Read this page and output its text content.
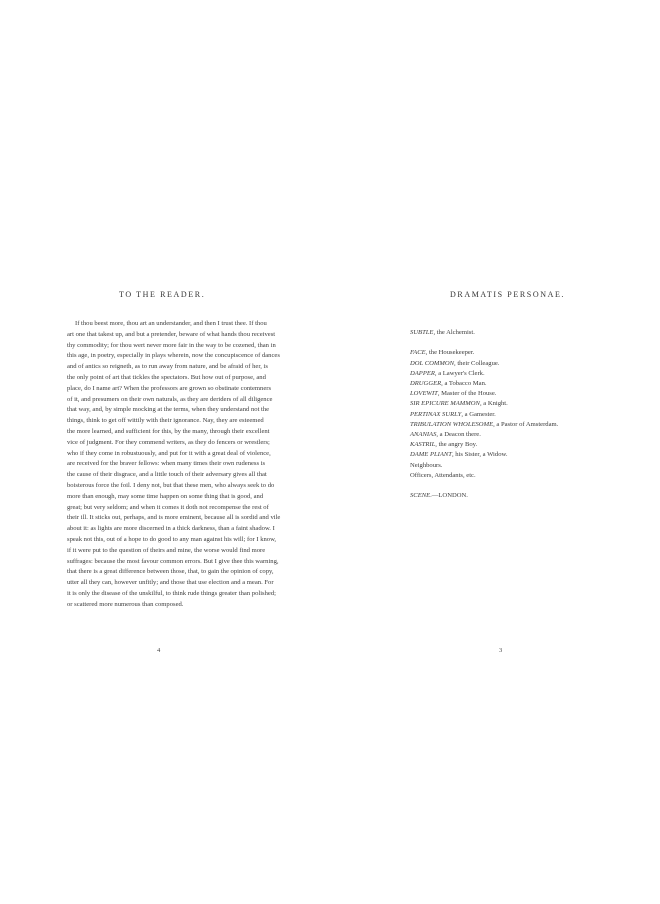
TO THE READER.
If thou beest more, thou art an understander, and then I trust thee. If thou
art one that takest up, and but a pretender, beware of what hands thou receivest
thy commodity; for thou wert never more fair in the way to be cozened, than in
this age, in poetry, especially in plays wherein, now the concupiscence of dances
and of antics so reigneth, as to run away from nature, and be afraid of her, is
the only point of art that tickles the spectators. But how out of purpose, and
place, do I name art? When the professors are grown so obstinate contemners
of it, and presumers on their own naturals, as they are deriders of all diligence
that way, and, by simple mocking at the terms, when they understand not the
things, think to get off wittily with their ignorance. Nay, they are esteemed
the more learned, and sufficient for this, by the many, through their excellent
vice of judgment. For they commend writers, as they do fencers or wrestlers;
who if they come in robustuously, and put for it with a great deal of violence,
are received for the braver fellows: when many times their own rudeness is
the cause of their disgrace, and a little touch of their adversary gives all that
boisterous force the foil. I deny not, but that these men, who always seek to do
more than enough, may some time happen on some thing that is good, and
great; but very seldom; and when it comes it doth not recompense the rest of
their ill. It sticks out, perhaps, and is more eminent, because all is sordid and vile
about it: as lights are more discerned in a thick darkness, than a faint shadow. I
speak not this, out of a hope to do good to any man against his will; for I know,
if it were put to the question of theirs and mine, the worse would find more
suffrages: because the most favour common errors. But I give thee this warning,
that there is a great difference between those, that, to gain the opinion of copy,
utter all they can, however unfitly; and those that use election and a mean. For
it is only the disease of the unskilful, to think rude things greater than polished;
or scattered more numerous than composed.
4
DRAMATIS PERSONAE.
SUBTLE, the Alchemist.
FACE, the Housekeeper.
DOL COMMON, their Colleague.
DAPPER, a Lawyer's Clerk.
DRUGGER, a Tobacco Man.
LOVEWIT, Master of the House.
SIR EPICURE MAMMON, a Knight.
PERTINAX SURLY, a Gamester.
TRIBULATION WHOLESOME, a Pastor of Amsterdam.
ANANIAS, a Deacon there.
KASTRIL, the angry Boy.
DAME PLIANT, his Sister, a Widow.
Neighbours.
Officers, Attendants, etc.
SCENE.—LONDON.
3
